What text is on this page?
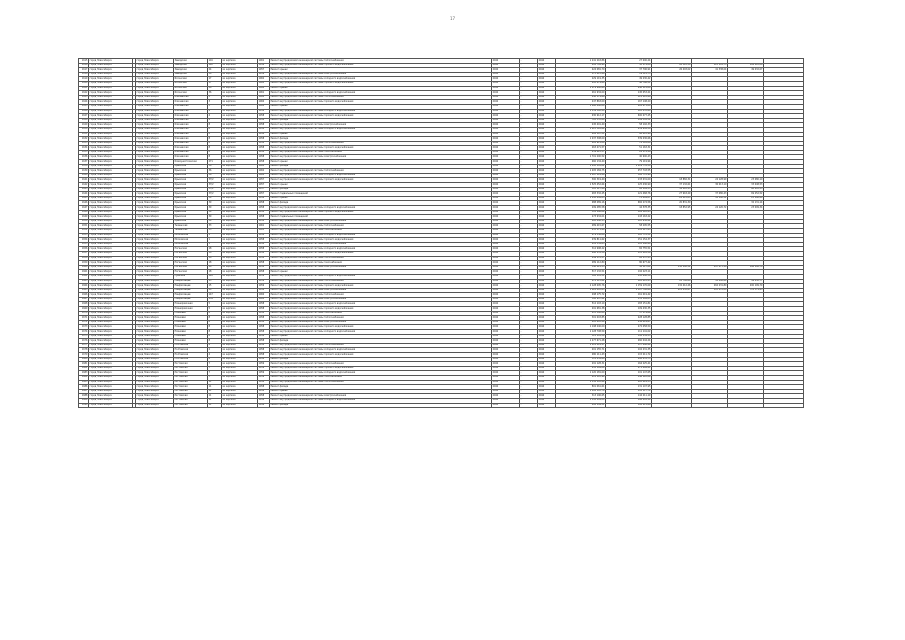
17
1615	город Новосибирск		город Новосибирск	Заводская	116	из кирпича	1961	Ремонт внутридомовой инженерной системы теплоснабжения	2042	-	2044	1 241 218,86	27 000,24				
1616	город Новосибирск		город Новосибирск	Заводская	14б	из кирпича	1958	Ремонт внутридомовой инженерной системы горячего водоснабжения	2042	-	2044	291 704,90	50 179,00	62 322,30	125 191,75	104 210,06	
1617	город Новосибирск		город Новосибирск	Заводская	24	из кирпича	1957	Ремонт крыши	2042	-	2044	424 081,70	37 796,91	26 493,02	41 338,04	49 032,07	
1618	город Новосибирск		город Новосибирск	Заводская	30	из кирпича	1959	Ремонт внутридомовой инженерной системы электроснабжения	2042	-	2044	175 415,46	19 321,75				
1619	город Новосибирск		город Новосибирск	Иссинская	17	из кирпича	1962	Ремонт внутридомовой инженерной системы холодного водоснабжения	2042	-	2044	229 119,35	49 230,42				
1620	город Новосибирск		город Новосибирск	Иссинская	17	из кирпича	1962	Ремонт внутридомовой инженерной системы горячего водоснабжения	2042	-	2044	295 479,60	40 768,51				
1621	город Новосибирск		город Новосибирск	Иссинская	26	из кирпича	1964	Ремонт крыши	2042	-	2044	1 079 960,60	240 111,00				
1622	город Новосибирск		город Новосибирск	Иссинская	36	из кирпича	1961	Ремонт внутридомовой инженерной системы холодного водоснабжения	2042	-	2044	261 934,00	145 053,21				
1623	город Новосибирск		город Новосибирск	Ключевская	3	из кирпича	1960	Ремонт внутридомовой инженерной системы теплоснабжения	2042	-	2044	240 179,66	121 212,40				
1624	город Новосибирск		город Новосибирск	Ключевская	3	из кирпича	1960	Ремонт внутридомовой инженерной системы горячего водоснабжения	2042	-	2044	247 863,00	167 148,20				
1625	город Новосибирск		город Новосибирск	Ключевская	3	из кирпича	1960	Ремонт крыши	2042	-	2044	1 080 080,00	261 871,00				
1626	город Новосибирск		город Новосибирск	Ключевская	4	из кирпича	1958	Ремонт внутридомовой инженерной системы холодного водоснабжения	2042	-	2044	1 159 362,20	120 433,60				
1627	город Новосибирск		город Новосибирск	Ключевская	4	из кирпича	1958	Ремонт внутридомовой инженерной системы горячего водоснабжения	2042	-	2044	930 912,17	600 077,25				
1628	город Новосибирск		город Новосибирск	Ключевская	4	из кирпича	1958	Ремонт фасада	2042	-	2044	720 533,80	199 541,32				
1629	город Новосибирск		город Новосибирск	Ключевская	8	из кирпича	1958	Ремонт внутридомовой инженерной системы электроснабжения	2042	-	2044	245 401,40	58 192,33				
1630	город Новосибирск		город Новосибирск	Ключевская	8	из кирпича	1958	Ремонт внутридомовой инженерной системы холодного водоснабжения	2042	-	2044	1 225 328,64	439 644,58				
1631	город Новосибирск		город Новосибирск	Ключевская	8	из кирпича	1958	Ремонт крыши	2042	-	2044	404 167,51	88 412,98				
1632	город Новосибирск		город Новосибирск	Ключевская	8	из кирпича	1958	Ремонт фасада	2042	-	2044	1 437 308,00	339 036,66				
1633	город Новосибирск		город Новосибирск	Ключевская	8	из кирпича	1958	Ремонт внутридомовой инженерной системы теплоснабжения	2042	-	2044	261 911,00	74 518,00				
1634	город Новосибирск		город Новосибирск	Ключевская	8	из кирпича	1958	Ремонт внутридомовой инженерной системы горячего водоснабжения	2042	-	2044	263 471,57	51 163,31				
1635	город Новосибирск		город Новосибирск	Ключевская	8	из кирпича	1958	Ремонт внутридомовой инженерной системы газоснабжения	2042	-	2044	239 025,37	24 174,18				
1636	город Новосибирск		город Новосибирск	Ключевская	8	из кирпича	1958	Ремонт внутридомовой инженерной системы электроснабжения	2042	-	2044	1 701 200,52	40 900,43				
1637	город Новосибирск		город Новосибирск	Коммунистическая	271	из кирпича	1958	Ремонт крыши	2042	-	2044	460 134,40	79 119,94				
1638	город Новосибирск		город Новосибирск	Крымская	36	из кирпича	1962	Ремонт фасада	2042	-	2044	1 045 181,82	1 019 731,30				
1639	город Новосибирск		город Новосибирск	Крымская	36	из кирпича	1962	Ремонт внутридомовой инженерной системы теплоснабжения	2042	-	2044	1 205 184,75	257 743,55				
1640	город Новосибирск		город Новосибирск	Крымская	36	из кирпича	1962	Ремонт внутридомовой инженерной системы холодного водоснабжения	2042	-	2044	1 097 114,26	362 778,90				
1641	город Новосибирск		город Новосибирск	Крымская	37/2	из кирпича	1957	Ремонт внутридомовой инженерной системы горячего водоснабжения	2042	-	2044	300 319,40	133 031,00	18 882,31	24 128,99	23 080,10	
1642	город Новосибирск		город Новосибирск	Крымская	37/2	из кирпича	1957	Ремонт крыши	2042	-	2044	1 525 452,64	125 436,90	37 132,61	36 013,10	33 048,53	
1643	город Новосибирск		город Новосибирск	Крымская	37/2	из кирпича	1957	Ремонт фасада	2042	-	2044	503 127,20	82 199,33	34 210,15		60 095,55	
1644	город Новосибирск		город Новосибирск	Крымская	37/2	из кирпича	1957	Ремонт подвальных помещений	2042	-	2044	483 332,25	121 468,76	27 918,29	37 080,43	69 252,52	
1645	город Новосибирск		город Новосибирск	Крымская	39	из кирпича	1958	Ремонт крыши	2042	-	2044	1 030 044,05	72 409,07	24 215,05	41 180,32	25 180,49	
1646	город Новосибирск		город Новосибирск	Крымская	39	из кирпича	1958	Ремонт фасада	2042	-	2044	988 089,16	682 274,56	20 831,30		32 131,14	
1647	город Новосибирск		город Новосибирск	Крымская	39	из кирпича	1958	Ремонт внутридомовой инженерной системы холодного водоснабжения	2042	-	2044	299 485,58	44 578,35	18 852,95	24 120,72	23 099,34	
1648	город Новосибирск		город Новосибирск	Крымская	39	из кирпича	1958	Ремонт внутридомовой инженерной системы горячего водоснабжения	2042	-	2044	312 198,04	126 120,43				
1649	город Новосибирск		город Новосибирск	Крымская	39	из кирпича	1958	Ремонт подвальных помещений	2042	-	2044	273 934,01	143 163,22				
1650	город Новосибирск		город Новосибирск	Крымская	39	из кирпича	1958	Ремонт внутридомовой инженерной системы электроснабжения	2042	-	2044	895 448,13	163 638,42				
1651	город Новосибирск		город Новосибирск	Тюменская	33	из кирпича	1961	Ремонт внутридомовой инженерной системы теплоснабжения	2042	-	2044	289 415,67	58 295,55				
1652	город Новосибирск		город Новосибирск	Тюменская	33	из кирпича	1961	Ремонт внутридомовой инженерной системы газоснабжения	2042	-	2044	253 171,40	112 127,43				
1653	город Новосибирск		город Новосибирск	Московская	1	из кирпича	1958	Ремонт внутридомовой инженерной системы холодного водоснабжения	2042	-	2044	279 536,08	165 778,31				
1654	город Новосибирск		город Новосибирск	Московская	1	из кирпича	1958	Ремонт внутридомовой инженерной системы горячего водоснабжения	2042	-	2044	239 811,62	151 154,37				
1655	город Новосибирск		город Новосибирск	Московская	1	из кирпича	1958	Ремонт внутридомовой инженерной системы электроснабжения	2042	-	2044	212 334,83	103 180,40				
1656	город Новосибирск		город Новосибирск	Ногинская	18	из кирпича	1958	Ремонт внутридомовой инженерной системы холодного водоснабжения	2042	-	2044	312 998,22	82 755,51				
1657	город Новосибирск		город Новосибирск	Ногинская	18	из кирпича	1958	Ремонт внутридомовой инженерной системы горячего водоснабжения	2042	-	2044	280 151,58	115 218,56				
1658	город Новосибирск		город Новосибирск	Ногинская	18	из кирпича	1958	Ремонт внутридомовой инженерной системы теплоснабжения	2042	-	2044	249 178,57	82 157,13				
1659	город Новосибирск		город Новосибирск	Ногинская	18	из кирпича	1958	Ремонт внутридомовой инженерной системы газоснабжения	2042	-	2044	289 112,80	80 677,42				
1660	город Новосибирск		город Новосибирск	Ногинская	18	из кирпича	1958	Ремонт внутридомовой инженерной системы электроснабжения	2042	-	2044	340 221,33	58 127,01	130 100,32	297 073,18	186 108,70	
1661	город Новосибирск		город Новосибирск	Ногинская	18	из кирпича	1958	Ремонт крыши	2042	-	2044	517 132,51	192 223,11				
1662	город Новосибирск		город Новосибирск	Пушкина	126	из кирпича	1959	Ремонт внутридомовой инженерной системы холодного водоснабжения	2042	-	2044	362 191,31	145 896,36				
1663	город Новосибирск		город Новосибирск	Панфиловцев	15	из кирпича	1959	Ремонт внутридомовой инженерной системы теплоснабжения	2042	-	2044	472 113,62	120 412,23	81 708,88	41 088,69	49 030,77	
1664	город Новосибирск		город Новосибирск	Панфиловцев	15	из кирпича	1959	Ремонт внутридомовой инженерной системы горячего водоснабжения	2042	-	2044	2 128 095,76	1 159 170,09	132 412,26	262 231,80	200 199,79	
1665	город Новосибирск		город Новосибирск	Панфиловцев	20	из кирпича	1958	Ремонт внутридомовой инженерной системы электроснабжения	2042	-	2044	1 022 403,85	1 107 708,68	411 252,67	103 076,00	711 379,45	
1666	город Новосибирск		город Новосибирск	Панфиловцев	147	из кирпича	1960	Ремонт внутридомовой инженерной системы теплоснабжения	2042	-	2044	298 175,72	161 019,42				
1667	город Новосибирск		город Новосибирск	Панфиловцев	134	из кирпича	1960	Ремонт внутридомовой инженерной системы электроснабжения	2042	-	2044	308 947,42	151 164,03				
1668	город Новосибирск		город Новосибирск	Планировочная	5	из кирпича	1958	Ремонт внутридомовой инженерной системы холодного водоснабжения	2042	-	2044	512 103,10	183 151,81				
1669	город Новосибирск		город Новосибирск	Планировочная	5	из кирпича	1958	Ремонт внутридомовой инженерной системы горячего водоснабжения	2042	-	2044	491 681,38	109 430,35				
1670	город Новосибирск		город Новосибирск	Плановая	8	из кирпича	1958	Ремонт внутридомовой инженерной системы газоснабжения	2042	-	2044	213 300,80	57 179,89				
1671	город Новосибирск		город Новосибирск	Плановая	8	из кирпича	1958	Ремонт внутридомовой инженерной системы теплоснабжения	2042	-	2044	301 003,85	228 128,85				
1672	город Новосибирск		город Новосибирск	Плановая	8	из кирпича	1958	Ремонт внутридомовой инженерной системы электроснабжения	2042	-	2044	205 003,29	256 419,67				
1673	город Новосибирск		город Новосибирск	Плановая	8	из кирпича	1958	Ремонт внутридомовой инженерной системы горячего водоснабжения	2042	-	2044	1 198 246,00	272 058,50				
1674	город Новосибирск		город Новосибирск	Плановая	8	из кирпича	1958	Ремонт внутридомовой инженерной системы холодного водоснабжения	2042	-	2044	1 128 708,59	111 141,02				
1675	город Новосибирск		город Новосибирск	Плановая	8	из кирпича	1958	Ремонт крыши	2042	-	2044	521 191,59	192 134,55				
1676	город Новосибирск		город Новосибирск	Плановая	8	из кирпича	1958	Ремонт фасада	2042	-	2044	1 277 671,28	260 044,24				
1677	город Новосибирск		город Новосибирск	Полтавская	4	из кирпича	1958	Ремонт внутридомовой инженерной системы теплоснабжения	2042	-	2044	1 011 214,17	117 088,44				
1678	город Новосибирск		город Новосибирск	Полтавская	4	из кирпича	1958	Ремонт внутридомовой инженерной системы холодного водоснабжения	2042	-	2044	201 155,71	102 231,35				
1679	город Новосибирск		город Новосибирск	Полтавская	4	из кирпича	1958	Ремонт внутридомовой инженерной системы горячего водоснабжения	2042	-	2044	480 111,43	115 211,72				
1680	город Новосибирск		город Новосибирск	Полтавская	4	из кирпича	1958	Ремонт фасада	2042	-	2044	511 434,60	208 051,75				
1681	город Новосибирск		город Новосибирск	Ростовская	7	из кирпича	1959	Ремонт внутридомовой инженерной системы теплоснабжения	2042	-	2044	291 128,31	164 225,41				
1682	город Новосибирск		город Новосибирск	Ростовская	7	из кирпича	1959	Ремонт внутридомовой инженерной системы горячего водоснабжения	2042	-	2044	432 169,09	271 064,41				
1683	город Новосибирск		город Новосибирск	Ростовская	7	из кирпича	1959	Ремонт внутридомовой инженерной системы холодного водоснабжения	2042	-	2044	1 120 181,00	101 147,65				
1684	город Новосибирск		город Новосибирск	Ростовская	7	из кирпича	1959	Ремонт внутридомовой инженерной системы газоснабжения	2042	-	2044	411 110,99	146 120,04				
1685	город Новосибирск		город Новосибирск	Ростовская	11	из кирпича	1958	Ремонт внутридомовой инженерной системы теплоснабжения	2042	-	2044	1 154 195,44	265 029,33				
1686	город Новосибирск		город Новосибирск	Ростовская	11	из кирпича	1958	Ремонт фасада	2042	-	2044	801 061,61	131 107,95				
1687	город Новосибирск		город Новосибирск	Ростовская	11	из кирпича	1958	Ремонт крыши	2042	-	2044	1 016 183,76	191 117,74				
1688	город Новосибирск		город Новосибирск	Ростовская	11	из кирпича	1958	Ремонт внутридомовой инженерной системы электроснабжения	2042	-	2044	313 196,65	144 211,19				
1689	город Новосибирск		город Новосибирск	Ростовская	11	из кирпича	1958	Ремонт внутридомовой инженерной системы холодного водоснабжения	2042	-	2044	1 141 209,00	186 081,19				
1690	город Новосибирск		город Новосибирск	Ростовская	11	из кирпича	1958	Ремонт фасада	2042	-	2044	841 149,31	182 211,66				
